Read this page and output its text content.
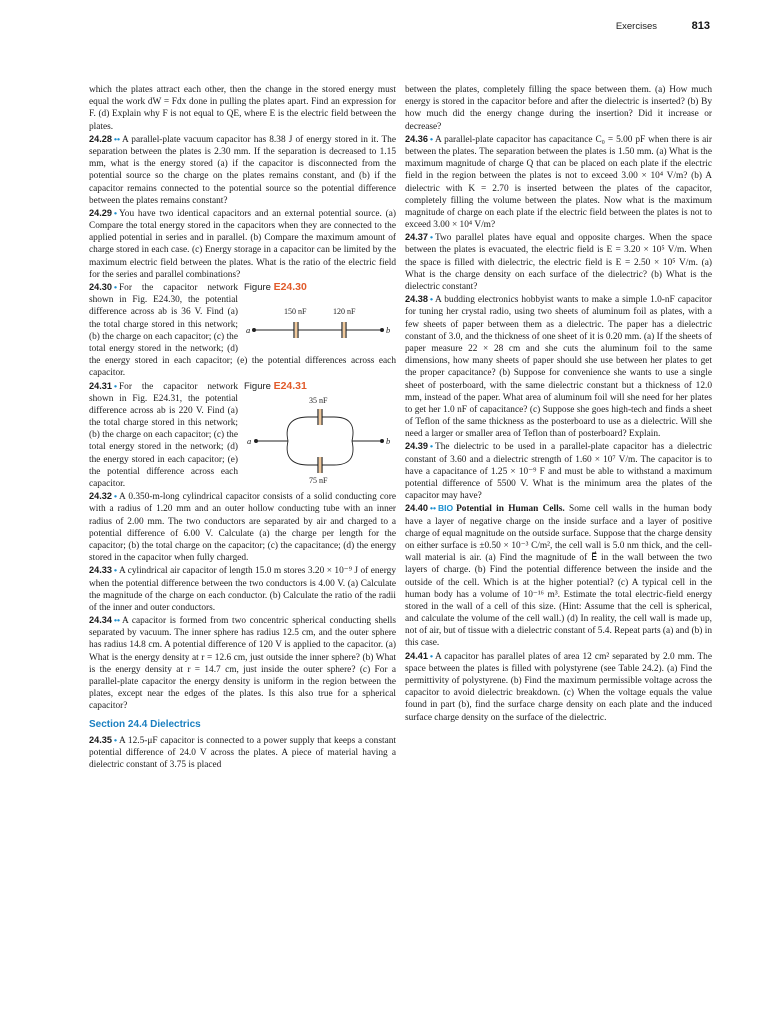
Exercises	813

which the plates attract each other, then the change in the stored energy must equal the work dW = Fdx done in pulling the plates apart. Find an expression for F. (d) Explain why F is not equal to QE, where E is the electric field between the plates.

24.28 •• A parallel-plate vacuum capacitor has 8.38 J of energy stored in it. The separation between the plates is 2.30 mm. If the separation is decreased to 1.15 mm, what is the energy stored (a) if the capacitor is disconnected from the potential source so the charge on the plates remains constant, and (b) if the capacitor remains connected to the potential source so the potential difference between the plates remains constant?

24.29 • You have two identical capacitors and an external potential source. (a) Compare the total energy stored in the capacitors when they are connected to the applied potential in series and in parallel. (b) Compare the maximum amount of charge stored in each case. (c) Energy storage in a capacitor can be limited by the maximum electric field between the plates. What is the ratio of the electric field for the series and parallel combinations?

Figure E24.30
150 nF	120 nF
a	b

24.30 • For the capacitor network shown in Fig. E24.30, the potential difference across ab is 36 V. Find (a) the total charge stored in this network; (b) the charge on each capacitor; (c) the total energy stored in the network; (d) the energy stored in each capacitor; (e) the potential differences across each capacitor.

Figure E24.31
35 nF
75 nF
a	b

24.31 • For the capacitor network shown in Fig. E24.31, the potential difference across ab is 220 V. Find (a) the total charge stored in this network; (b) the charge on each capacitor; (c) the total energy stored in the network; (d) the energy stored in each capacitor; (e) the potential difference across each capacitor.

24.32 • A 0.350-m-long cylindrical capacitor consists of a solid conducting core with a radius of 1.20 mm and an outer hollow conducting tube with an inner radius of 2.00 mm. The two conductors are separated by air and charged to a potential difference of 6.00 V. Calculate (a) the charge per length for the capacitor; (b) the total charge on the capacitor; (c) the capacitance; (d) the energy stored in the capacitor when fully charged.

24.33 • A cylindrical air capacitor of length 15.0 m stores 3.20 × 10⁻⁹ J of energy when the potential difference between the two conductors is 4.00 V. (a) Calculate the magnitude of the charge on each conductor. (b) Calculate the ratio of the radii of the inner and outer conductors.

24.34 •• A capacitor is formed from two concentric spherical conducting shells separated by vacuum. The inner sphere has radius 12.5 cm, and the outer sphere has radius 14.8 cm. A potential difference of 120 V is applied to the capacitor. (a) What is the energy density at r = 12.6 cm, just outside the inner sphere? (b) What is the energy density at r = 14.7 cm, just inside the outer sphere? (c) For a parallel-plate capacitor the energy density is uniform in the region between the plates, except near the edges of the plates. Is this also true for a spherical capacitor?

Section 24.4 Dielectrics

24.35 • A 12.5-μF capacitor is connected to a power supply that keeps a constant potential difference of 24.0 V across the plates. A piece of material having a dielectric constant of 3.75 is placed

between the plates, completely filling the space between them. (a) How much energy is stored in the capacitor before and after the dielectric is inserted? (b) By how much did the energy change during the insertion? Did it increase or decrease?

24.36 • A parallel-plate capacitor has capacitance C₀ = 5.00 pF when there is air between the plates. The separation between the plates is 1.50 mm. (a) What is the maximum magnitude of charge Q that can be placed on each plate if the electric field in the region between the plates is not to exceed 3.00 × 10⁴ V/m? (b) A dielectric with K = 2.70 is inserted between the plates of the capacitor, completely filling the volume between the plates. Now what is the maximum magnitude of charge on each plate if the electric field between the plates is not to exceed 3.00 × 10⁴ V/m?

24.37 • Two parallel plates have equal and opposite charges. When the space between the plates is evacuated, the electric field is E = 3.20 × 10⁵ V/m. When the space is filled with dielectric, the electric field is E = 2.50 × 10⁵ V/m. (a) What is the charge density on each surface of the dielectric? (b) What is the dielectric constant?

24.38 • A budding electronics hobbyist wants to make a simple 1.0-nF capacitor for tuning her crystal radio, using two sheets of aluminum foil as plates, with a few sheets of paper between them as a dielectric. The paper has a dielectric constant of 3.0, and the thickness of one sheet of it is 0.20 mm. (a) If the sheets of paper measure 22 × 28 cm and she cuts the aluminum foil to the same dimensions, how many sheets of paper should she use between her plates to get the proper capacitance? (b) Suppose for convenience she wants to use a single sheet of posterboard, with the same dielectric constant but a thickness of 12.0 mm, instead of the paper. What area of aluminum foil will she need for her plates to get her 1.0 nF of capacitance? (c) Suppose she goes high-tech and finds a sheet of Teflon of the same thickness as the posterboard to use as a dielectric. Will she need a larger or smaller area of Teflon than of posterboard? Explain.

24.39 • The dielectric to be used in a parallel-plate capacitor has a dielectric constant of 3.60 and a dielectric strength of 1.60 × 10⁷ V/m. The capacitor is to have a capacitance of 1.25 × 10⁻⁹ F and must be able to withstand a maximum potential difference of 5500 V. What is the minimum area the plates of the capacitor may have?

24.40 •• BIO Potential in Human Cells. Some cell walls in the human body have a layer of negative charge on the inside surface and a layer of positive charge of equal magnitude on the outside surface. Suppose that the charge density on either surface is ±0.50 × 10⁻³ C/m², the cell wall is 5.0 nm thick, and the cell-wall material is air. (a) Find the magnitude of E⃗ in the wall between the two layers of charge. (b) Find the potential difference between the inside and the outside of the cell. Which is at the higher potential? (c) A typical cell in the human body has a volume of 10⁻¹⁶ m³. Estimate the total electric-field energy stored in the wall of a cell of this size. (Hint: Assume that the cell is spherical, and calculate the volume of the cell wall.) (d) In reality, the cell wall is made up, not of air, but of tissue with a dielectric constant of 5.4. Repeat parts (a) and (b) in this case.

24.41 • A capacitor has parallel plates of area 12 cm² separated by 2.0 mm. The space between the plates is filled with polystyrene (see Table 24.2). (a) Find the permittivity of polystyrene. (b) Find the maximum permissible voltage across the capacitor to avoid dielectric breakdown. (c) When the voltage equals the value found in part (b), find the surface charge density on each plate and the induced surface charge density on the surface of the dielectric.
